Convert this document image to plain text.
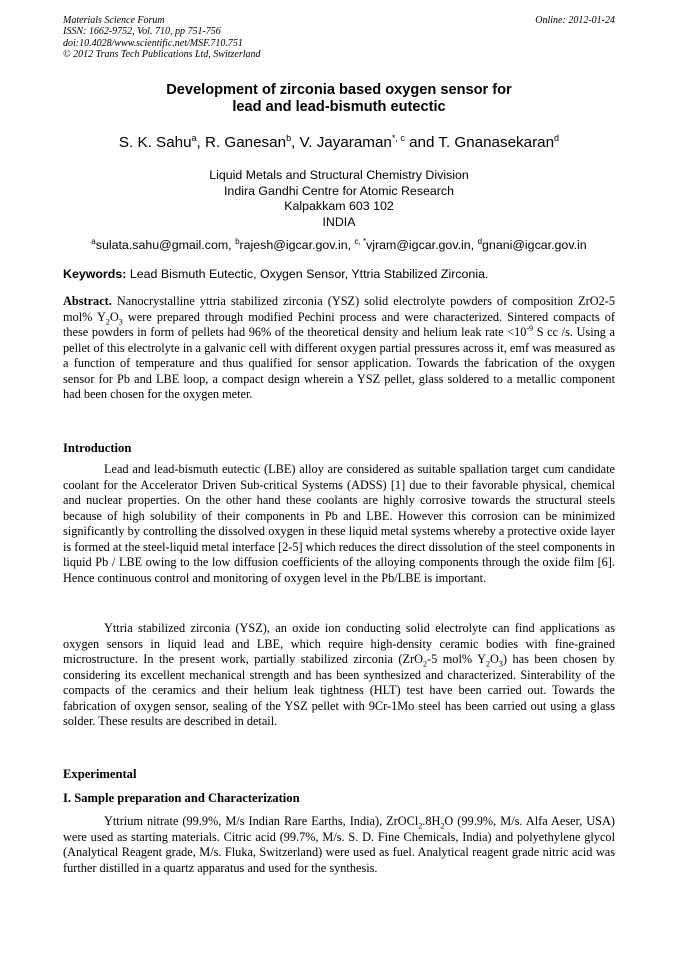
Materials Science Forum
ISSN: 1662-9752, Vol. 710, pp 751-756
doi:10.4028/www.scientific.net/MSF.710.751
© 2012 Trans Tech Publications Ltd, Switzerland
Online: 2012-01-24
Development of zirconia based oxygen sensor for
lead and lead-bismuth eutectic
S. K. Sahu$^a$, R. Ganesan$^b$, V. Jayaraman$^{*, c}$ and T. Gnanasekaran$^d$
Liquid Metals and Structural Chemistry Division
Indira Gandhi Centre for Atomic Research
Kalpakkam 603 102
INDIA
$^a$sulata.sahu@gmail.com, $^b$rajesh@igcar.gov.in, $^{c, *}$vjram@igcar.gov.in, $^d$gnani@igcar.gov.in
Keywords: Lead Bismuth Eutectic, Oxygen Sensor, Yttria Stabilized Zirconia.

Abstract. Nanocrystalline yttria stabilized zirconia (YSZ) solid electrolyte powders of composition ZrO2-5 mol% $Y_2O_3$ were prepared through modified Pechini process and were characterized. Sintered compacts of these powders in form of pellets had 96% of the theoretical density and helium leak rate $<10^{-9}$ S cc /s. Using a pellet of this electrolyte in a galvanic cell with different oxygen partial pressures across it, emf was measured as a function of temperature and thus qualified for sensor application. Towards the fabrication of the oxygen sensor for Pb and LBE loop, a compact design wherein a YSZ pellet, glass soldered to a metallic component had been chosen for the oxygen meter.

Introduction

Lead and lead-bismuth eutectic (LBE) alloy are considered as suitable spallation target cum candidate coolant for the Accelerator Driven Sub-critical Systems (ADSS) [1] due to their favorable physical, chemical and nuclear properties. On the other hand these coolants are highly corrosive towards the structural steels because of high solubility of their components in Pb and LBE. However this corrosion can be minimized significantly by controlling the dissolved oxygen in these liquid metal systems whereby a protective oxide layer is formed at the steel-liquid metal interface [2-5] which reduces the direct dissolution of the steel components in liquid Pb / LBE owing to the low diffusion coefficients of the alloying components through the oxide film [6]. Hence continuous control and monitoring of oxygen level in the Pb/LBE is important.

Yttria stabilized zirconia (YSZ), an oxide ion conducting solid electrolyte can find applications as oxygen sensors in liquid lead and LBE, which require high-density ceramic bodies with fine-grained microstructure. In the present work, partially stabilized zirconia (ZrO$_2$-5 mol% $Y_2O_3$) has been chosen by considering its excellent mechanical strength and has been synthesized and characterized. Sinterability of the compacts of the ceramics and their helium leak tightness (HLT) test have been carried out. Towards the fabrication of oxygen sensor, sealing of the YSZ pellet with 9Cr-1Mo steel has been carried out using a glass solder. These results are described in detail.

Experimental
I. Sample preparation and Characterization

Yttrium nitrate (99.9%, M/s Indian Rare Earths, India), $ZrOCl_2.8H_2O$ (99.9%, M/s. Alfa Aeser, USA) were used as starting materials. Citric acid (99.7%, M/s. S. D. Fine Chemicals, India) and polyethylene glycol (Analytical Reagent grade, M/s. Fluka, Switzerland) were used as fuel. Analytical reagent grade nitric acid was further distilled in a quartz apparatus and used for the synthesis.
